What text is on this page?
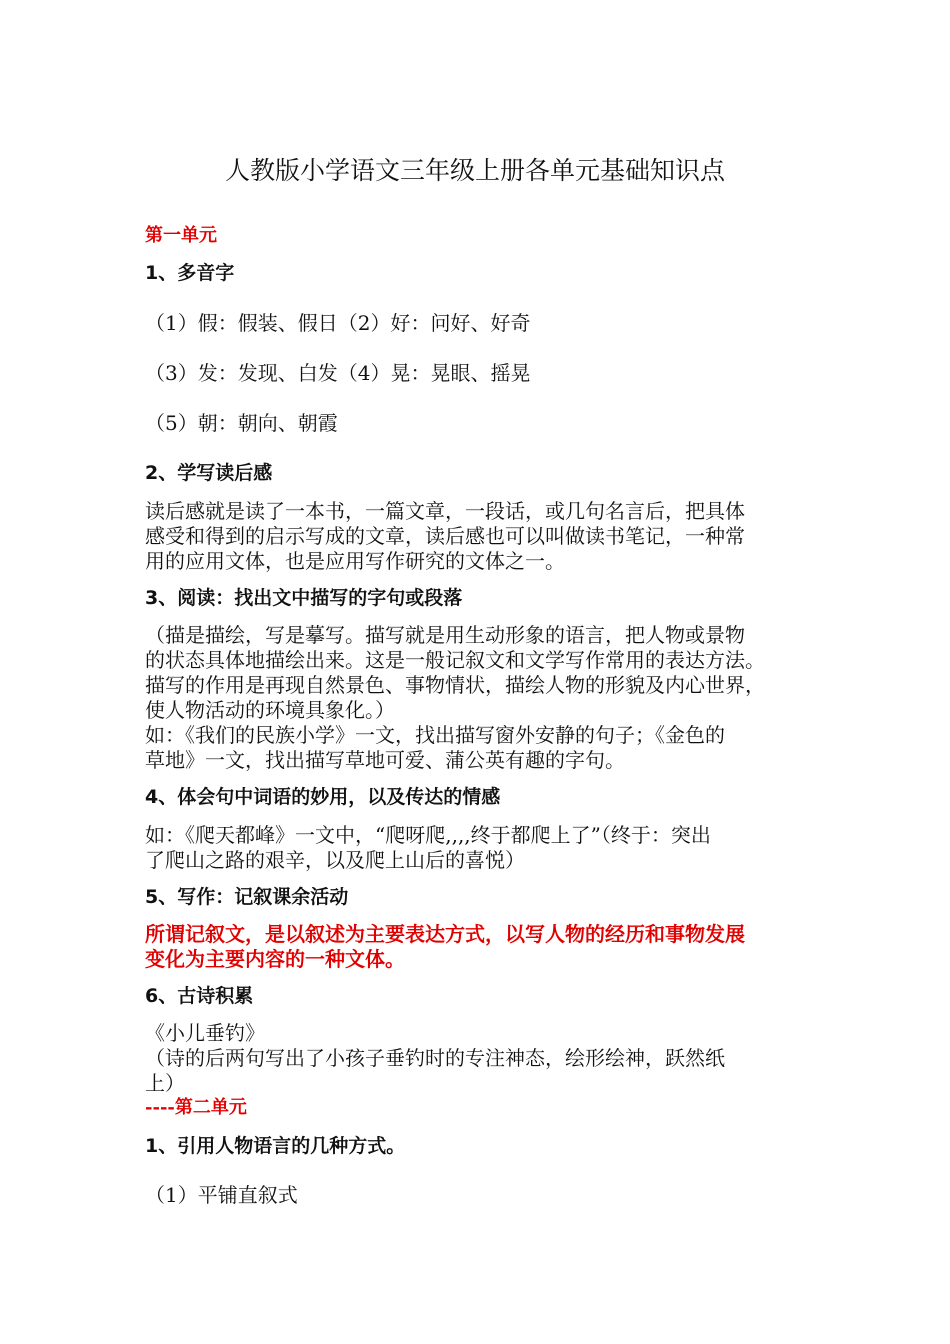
人教版小学语文三年级上册各单元基础知识点
第一单元
1、多音字
（1）假：假装、假日（2）好：问好、好奇
（3）发：发现、白发（4）晃：晃眼、摇晃
（5）朝：朝向、朝霞
2、学写读后感
读后感就是读了一本书，一篇文章，一段话，或几句名言后，把具体
感受和得到的启示写成的文章，读后感也可以叫做读书笔记，一种常
用的应用文体，也是应用写作研究的文体之一。
3、阅读：找出文中描写的字句或段落
（描是描绘，写是摹写。描写就是用生动形象的语言，把人物或景物
的状态具体地描绘出来。这是一般记叙文和文学写作常用的表达方法。
描写的作用是再现自然景色、事物情状，描绘人物的形貌及内心世界，
使人物活动的环境具象化。）
如：《我们的民族小学》一文，找出描写窗外安静的句子；《金色的
草地》一文，找出描写草地可爱、蒲公英有趣的字句。
4、体会句中词语的妙用，以及传达的情感
如：《爬天都峰》一文中，“爬呀爬,,,,终于都爬上了”（终于：突出
了爬山之路的艰辛，以及爬上山后的喜悦）
5、写作：记叙课余活动
所谓记叙文，是以叙述为主要表达方式，以写人物的经历和事物发展
变化为主要内容的一种文体。
6、古诗积累
《小儿垂钓》
（诗的后两句写出了小孩子垂钓时的专注神态，绘形绘神，跃然纸
上）
----第二单元
1、引用人物语言的几种方式。
（1）平铺直叙式
